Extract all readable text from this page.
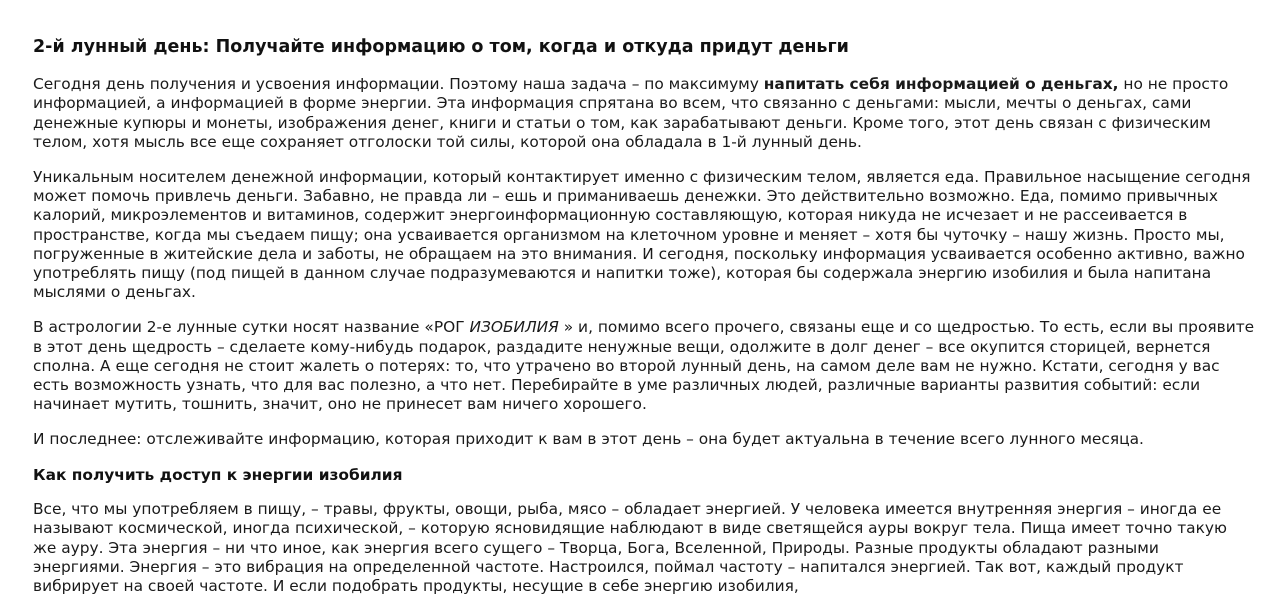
2-й лунный день: Получайте информацию о том, когда и откуда придут деньги

Сегодня день получения и усвоения информации. Поэтому наша задача – по максимуму напитать себя информацией о деньгах, но не просто информацией, а информацией в форме энергии. Эта информация спрятана во всем, что связанно с деньгами: мысли, мечты о деньгах, сами денежные купюры и монеты, изображения денег, книги и статьи о том, как зарабатывают деньги. Кроме того, этот день связан с физическим телом, хотя мысль все еще сохраняет отголоски той силы, которой она обладала в 1-й лунный день.

Уникальным носителем денежной информации, который контактирует именно с физическим телом, является еда. Правильное насыщение сегодня может помочь привлечь деньги. Забавно, не правда ли – ешь и приманиваешь денежки. Это действительно возможно. Еда, помимо привычных калорий, микроэлементов и витаминов, содержит энергоинформационную составляющую, которая никуда не исчезает и не рассеивается в пространстве, когда мы съедаем пищу; она усваивается организмом на клеточном уровне и меняет – хотя бы чуточку – нашу жизнь. Просто мы, погруженные в житейские дела и заботы, не обращаем на это внимания. И сегодня, поскольку информация усваивается особенно активно, важно употреблять пищу (под пищей в данном случае подразумеваются и напитки тоже), которая бы содержала энергию изобилия и была напитана мыслями о деньгах.

В астрологии 2-е лунные сутки носят название «РОГ ИЗОБИЛИЯ » и, помимо всего прочего, связаны еще и со щедростью. То есть, если вы проявите в этот день щедрость – сделаете кому-нибудь подарок, раздадите ненужные вещи, одолжите в долг денег – все окупится сторицей, вернется сполна. А еще сегодня не стоит жалеть о потерях: то, что утрачено во второй лунный день, на самом деле вам не нужно. Кстати, сегодня у вас есть возможность узнать, что для вас полезно, а что нет. Перебирайте в уме различных людей, различные варианты развития событий: если начинает мутить, тошнить, значит, оно не принесет вам ничего хорошего.

И последнее: отслеживайте информацию, которая приходит к вам в этот день – она будет актуальна в течение всего лунного месяца.

Как получить доступ к энергии изобилия

Все, что мы употребляем в пищу, – травы, фрукты, овощи, рыба, мясо – обладает энергией. У человека имеется внутренняя энергия – иногда ее называют космической, иногда психической, – которую ясновидящие наблюдают в виде светящейся ауры вокруг тела. Пища имеет точно такую же ауру. Эта энергия – ни что иное, как энергия всего сущего – Творца, Бога, Вселенной, Природы. Разные продукты обладают разными энергиями. Энергия – это вибрация на определенной частоте. Настроился, поймал частоту – напитался энергией. Так вот, каждый продукт вибрирует на своей частоте. И если подобрать продукты, несущие в себе энергию изобилия,
